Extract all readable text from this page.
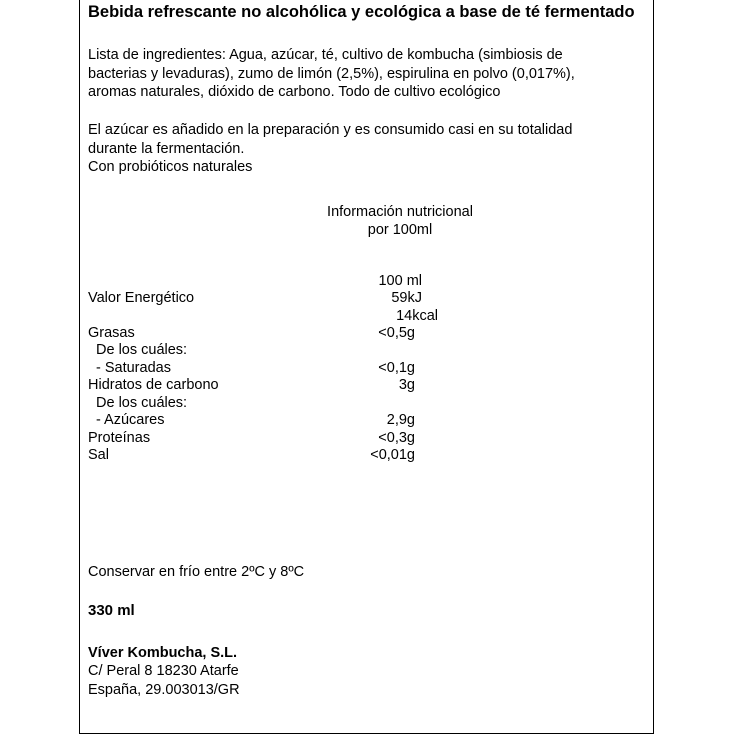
Bebida refrescante no alcohólica y ecológica a base de té fermentado
Lista de ingredientes: Agua, azúcar, té, cultivo de kombucha (simbiosis de bacterias y levaduras), zumo de limón (2,5%), espirulina en polvo (0,017%), aromas naturales, dióxido de carbono. Todo de cultivo ecológico
El azúcar es añadido en la preparación y es consumido casi en su totalidad durante la fermentación.
Con probióticos naturales
Información nutricional
por 100ml
100 ml
Valor Energético	59kJ
14kcal
Grasas	<0,5g
De los cuáles:
- Saturadas	<0,1g
Hidratos de carbono	3g
De los cuáles:
- Azúcares	2,9g
Proteínas	<0,3g
Sal	<0,01g
Conservar en frío entre 2ºC y 8ºC
330 ml
Víver Kombucha, S.L.
C/ Peral 8 18230 Atarfe
España, 29.003013/GR
